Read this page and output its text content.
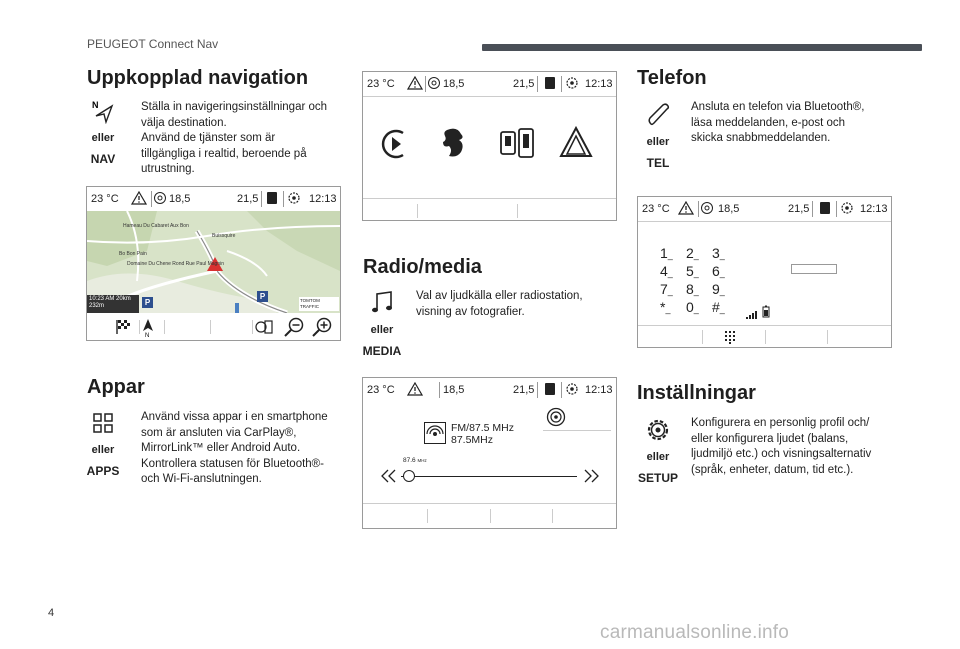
PEUGEOT Connect Nav
Uppkopplad navigation
N
eller
NAV
Ställa in navigeringsinställningar och
välja destination.
Använd de tjänster som är
tillgängliga i realtid, beroende på
utrustning.
23 °C	18,5	21,5	12:13
Hameau Du Cabaret Aux Bon
Buissquire
Bo Bon Pain
Domaine Du Chene Rond Rue Paul Magnin
10:23 AM 20km
232m	P
P	TOMTOM TRAFFIC
N
Appar
eller
APPS
Använd vissa appar i en smartphone
som är ansluten via CarPlay®,
MirrorLink™ eller Android Auto.
Kontrollera statusen för Bluetooth®-
och Wi-Fi-anslutningen.
23 °C	18,5	21,5	12:13
Radio/media
eller
MEDIA
Val av ljudkälla eller radiostation,
visning av fotografier.
23 °C	18,5	21,5	12:13
FM/87.5 MHz
87.5MHz
87.6 MHz
Telefon
eller
TEL
Ansluta en telefon via Bluetooth®,
läsa meddelanden, e-post och
skicka snabbmeddelanden.
23 °C	18,5	21,5	12:13
1_ 2_ 3_
4_ 5_ 6_
7_ 8_ 9_
*_	0_ #_
Inställningar
eller
SETUP
Konfigurera en personlig profil och/
eller konfigurera ljudet (balans,
ljudmiljö etc.) och visningsalternativ
(språk, enheter, datum, tid etc.).
4
carmanualsonline.info
